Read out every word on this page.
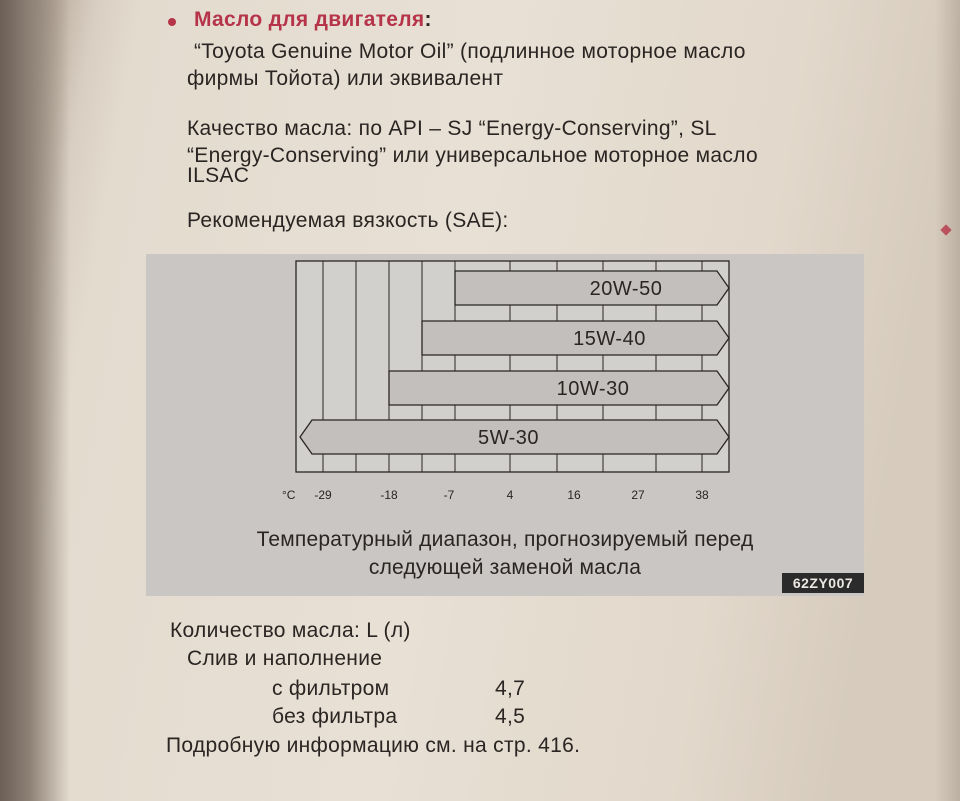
Масло для двигателя:
“Toyota Genuine Motor Oil” (подлинное моторное масло
фирмы Тойота) или эквивалент
Качество масла: по API – SJ “Energy-Conserving”, SL
“Energy-Conserving” или универсальное моторное масло
ILSAC
Рекомендуемая вязкость (SAE):
20W-50
15W-40
10W-30
5W-30
°C -29	-18	-7	4	16	27	38
Температурный диапазон, прогнозируемый перед
следующей заменой масла
62ZY007
Количество масла: L (л)
Слив и наполнение
с фильтром	4,7
без фильтра	4,5
Подробную информацию см. на стр. 416.
